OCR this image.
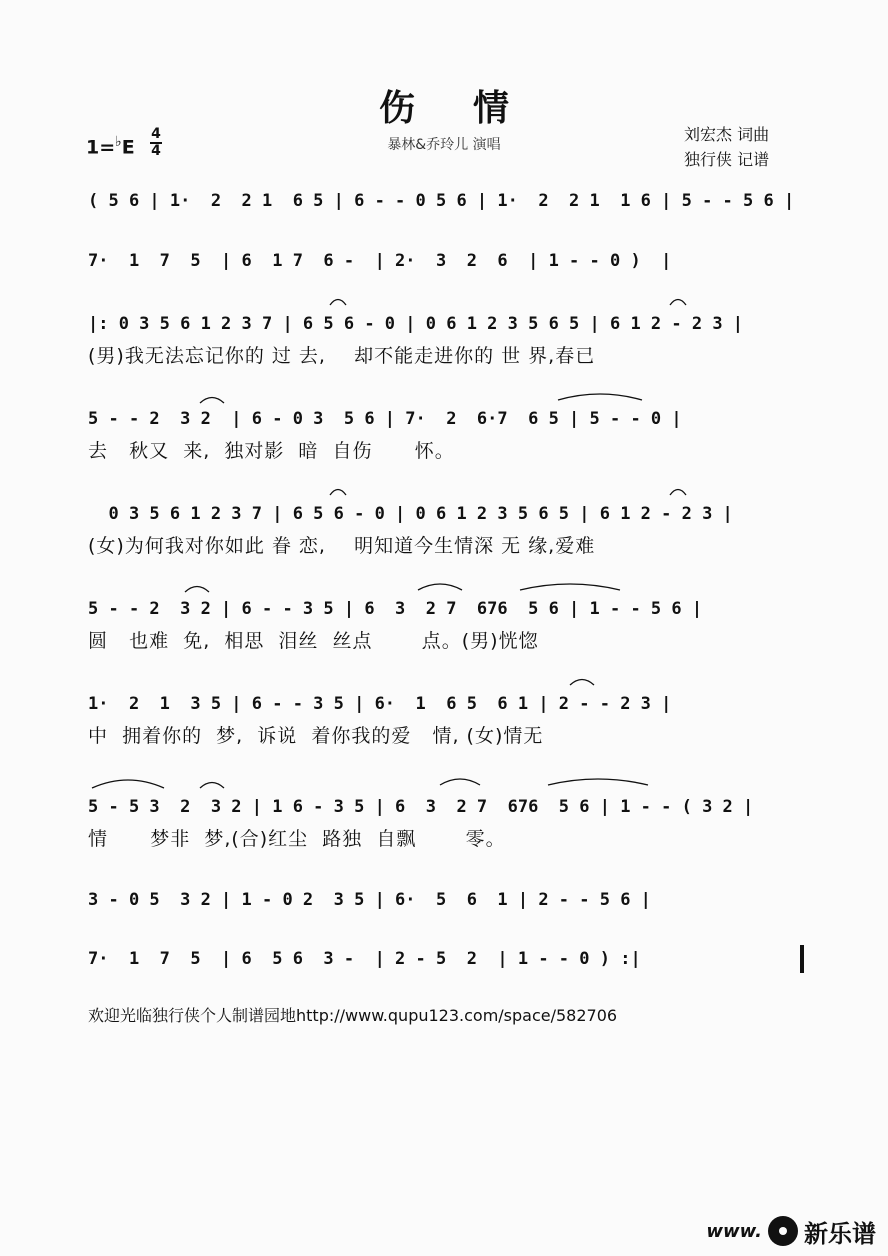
伤情
暴林&乔玲儿 演唱
1=♭E
4
4
刘宏杰 词曲
独行侠 记谱
( 5 6 | 1·  2  2 1  6 5 | 6 - - 0 5 6 | 1·  2  2 1  1 6 | 5 - - 5 6 |
7·  1  7  5  | 6  1 7  6 -  | 2·  3  2  6  | 1 - - 0 )  |
|: 0 3 5 6 1 2 3 7 | 6 5 6 - 0 | 0 6 1 2 3 5 6 5 | 6 1 2 - 2 3 |
(男)我无法忘记你的 过 去,    却不能走进你的 世 界,春已
5 - - 2  3 2  | 6 - 0 3  5 6 | 7·  2  6·7  6 5 | 5 - - 0 |
去   秋又  来,  独对影  暗  自伤      怀。
0 3 5 6 1 2 3 7 | 6 5 6 - 0 | 0 6 1 2 3 5 6 5 | 6 1 2 - 2 3 |
(女)为何我对你如此 眷 恋,    明知道今生情深 无 缘,爱难
5 - - 2  3 2 | 6 - - 3 5 | 6  3  2 7  676  5 6 | 1 - - 5 6 |
圆   也难  免,  相思  泪丝  丝点       点。(男)恍惚
1·  2  1  3 5 | 6 - - 3 5 | 6·  1  6 5  6 1 | 2 - - 2 3 |
中  拥着你的  梦,  诉说  着你我的爱   情, (女)情无
5 - 5 3  2  3 2 | 1 6 - 3 5 | 6  3  2 7  676  5 6 | 1 - - ( 3 2 |
情      梦非  梦,(合)红尘  路独  自飘       零。
3 - 0 5  3 2 | 1 - 0 2  3 5 | 6·  5  6  1 | 2 - - 5 6 |
7·  1  7  5  | 6  5 6  3 -  | 2 - 5  2  | 1 - - 0 ) :|
欢迎光临独行侠个人制谱园地http://www.qupu123.com/space/582706
www. 新乐谱
